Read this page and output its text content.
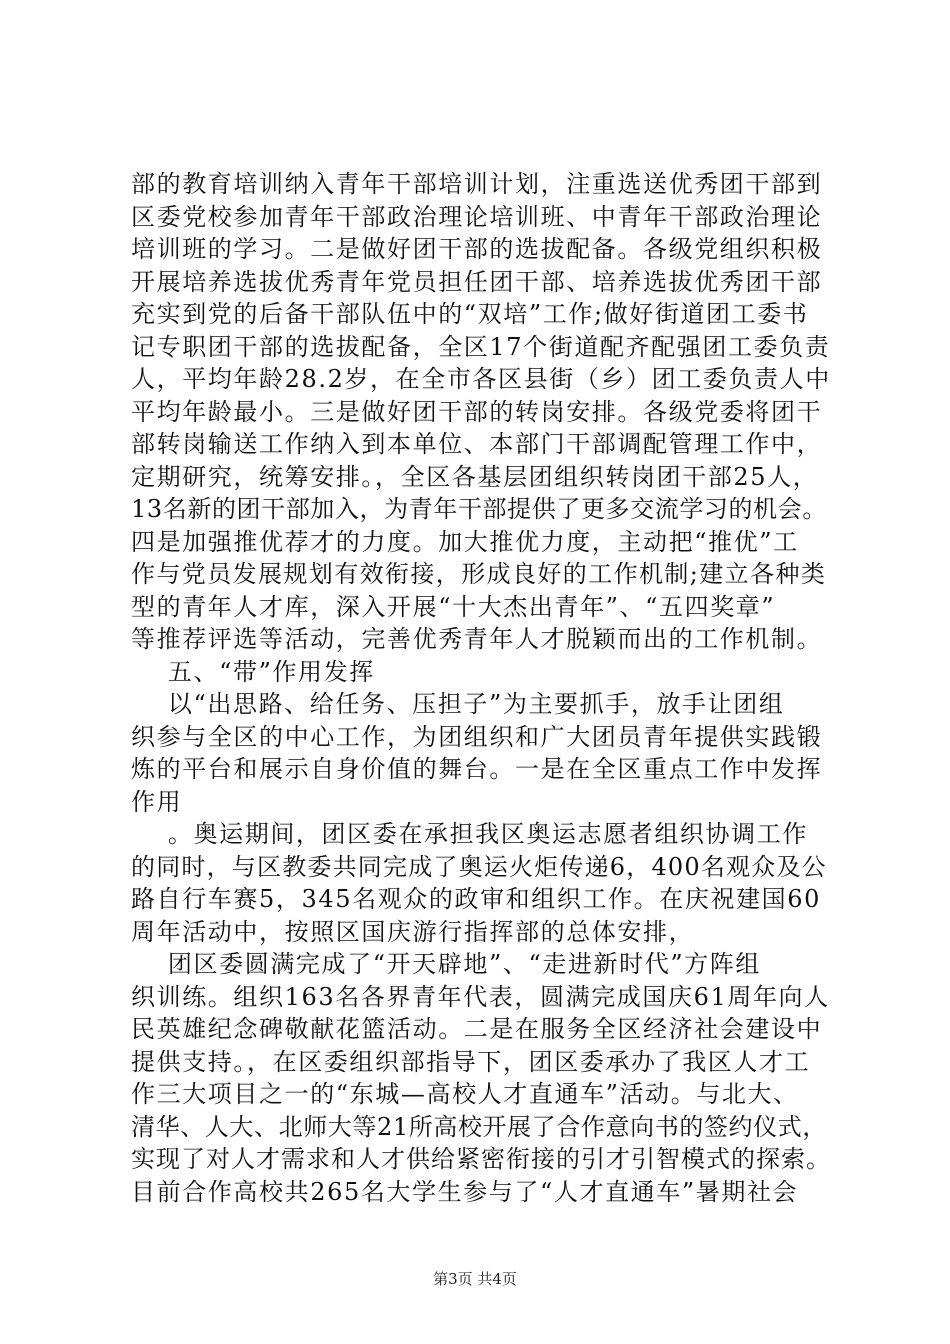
部的教育培训纳入青年干部培训计划，注重选送优秀团干部到
区委党校参加青年干部政治理论培训班、中青年干部政治理论
培训班的学习。二是做好团干部的选拔配备。各级党组织积极
开展培养选拔优秀青年党员担任团干部、培养选拔优秀团干部
充实到党的后备干部队伍中的“双培”工作;做好街道团工委书
记专职团干部的选拔配备，全区17个街道配齐配强团工委负责
人，平均年龄28.2岁，在全市各区县街（乡）团工委负责人中
平均年龄最小。三是做好团干部的转岗安排。各级党委将团干
部转岗输送工作纳入到本单位、本部门干部调配管理工作中，
定期研究，统筹安排。，全区各基层团组织转岗团干部25人，
13名新的团干部加入，为青年干部提供了更多交流学习的机会。
四是加强推优荐才的力度。加大推优力度，主动把“推优”工
作与党员发展规划有效衔接，形成良好的工作机制;建立各种类
型的青年人才库，深入开展“十大杰出青年”、“五四奖章”
等推荐评选等活动，完善优秀青年人才脱颖而出的工作机制。
五、“带”作用发挥
以“出思路、给任务、压担子”为主要抓手，放手让团组
织参与全区的中心工作，为团组织和广大团员青年提供实践锻
炼的平台和展示自身价值的舞台。一是在全区重点工作中发挥
作用
。奥运期间，团区委在承担我区奥运志愿者组织协调工作
的同时，与区教委共同完成了奥运火炬传递6，400名观众及公
路自行车赛5，345名观众的政审和组织工作。在庆祝建国60
周年活动中，按照区国庆游行指挥部的总体安排，
团区委圆满完成了“开天辟地”、“走进新时代”方阵组
织训练。组织163名各界青年代表，圆满完成国庆61周年向人
民英雄纪念碑敬献花篮活动。二是在服务全区经济社会建设中
提供支持。，在区委组织部指导下，团区委承办了我区人才工
作三大项目之一的“东城—高校人才直通车”活动。与北大、
清华、人大、北师大等21所高校开展了合作意向书的签约仪式，
实现了对人才需求和人才供给紧密衔接的引才引智模式的探索。
目前合作高校共265名大学生参与了“人才直通车”暑期社会
第3页 共4页
